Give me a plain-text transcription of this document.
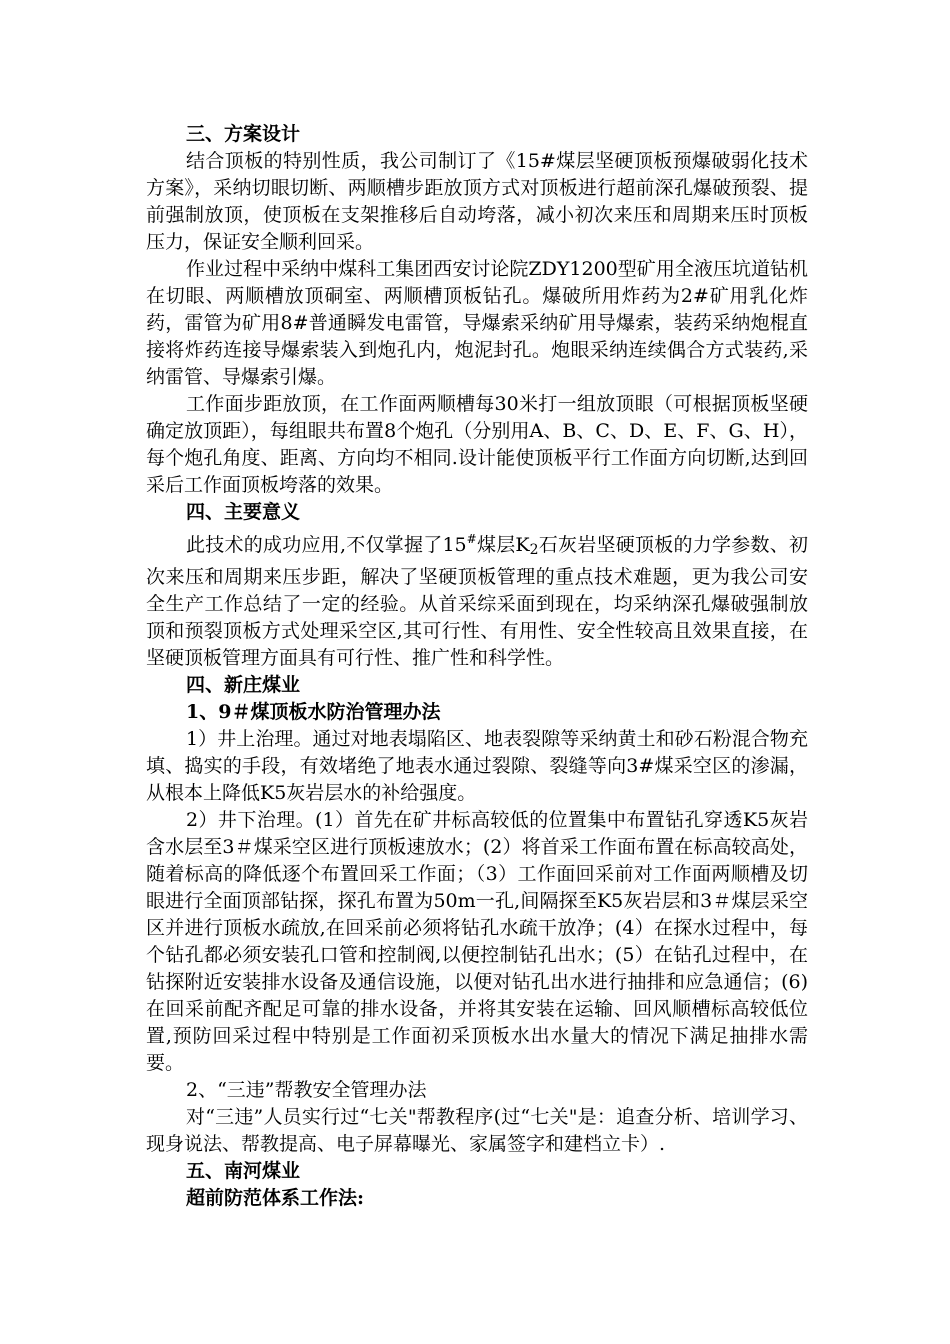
三、方案设计

结合顶板的特别性质，我公司制订了《15#煤层坚硬顶板预爆破弱化技术方案》，采纳切眼切断、两顺槽步距放顶方式对顶板进行超前深孔爆破预裂、提前强制放顶，使顶板在支架推移后自动垮落，减小初次来压和周期来压时顶板压力，保证安全顺利回采。

作业过程中采纳中煤科工集团西安讨论院ZDY1200型矿用全液压坑道钻机在切眼、两顺槽放顶硐室、两顺槽顶板钻孔。爆破所用炸药为2#矿用乳化炸药，雷管为矿用8#普通瞬发电雷管，导爆索采纳矿用导爆索，装药采纳炮棍直接将炸药连接导爆索装入到炮孔内，炮泥封孔。炮眼采纳连续偶合方式装药,采纳雷管、导爆索引爆。

工作面步距放顶，在工作面两顺槽每30米打一组放顶眼（可根据顶板坚硬确定放顶距），每组眼共布置8个炮孔（分别用A、B、C、D、E、F、G、H），每个炮孔角度、距离、方向均不相同.设计能使顶板平行工作面方向切断,达到回采后工作面顶板垮落的效果。

四、主要意义

此技术的成功应用,不仅掌握了15#煤层$K_2$石灰岩坚硬顶板的力学参数、初次来压和周期来压步距，解决了坚硬顶板管理的重点技术难题，更为我公司安全生产工作总结了一定的经验。从首采综采面到现在，均采纳深孔爆破强制放顶和预裂顶板方式处理采空区,其可行性、有用性、安全性较高且效果直接，在坚硬顶板管理方面具有可行性、推广性和科学性。

四、新庄煤业
1、9＃煤顶板水防治管理办法

1）井上治理。通过对地表塌陷区、地表裂隙等采纳黄土和砂石粉混合物充填、捣实的手段，有效堵绝了地表水通过裂隙、裂缝等向3#煤采空区的渗漏，从根本上降低K5灰岩层水的补给强度。

2）井下治理。(1）首先在矿井标高较低的位置集中布置钻孔穿透K5灰岩含水层至3＃煤采空区进行顶板速放水；(2）将首采工作面布置在标高较高处，随着标高的降低逐个布置回采工作面；（3）工作面回采前对工作面两顺槽及切眼进行全面顶部钻探，探孔布置为50m一孔,间隔探至K5灰岩层和3＃煤层采空区并进行顶板水疏放,在回采前必须将钻孔水疏干放净；(4）在探水过程中，每个钻孔都必须安装孔口管和控制阀,以便控制钻孔出水；(5）在钻孔过程中，在钻探附近安装排水设备及通信设施，以便对钻孔出水进行抽排和应急通信；(6)在回采前配齐配足可靠的排水设备，并将其安装在运输、回风顺槽标高较低位置,预防回采过程中特别是工作面初采顶板水出水量大的情况下满足抽排水需要。

2、“三违”帮教安全管理办法

对“三违”人员实行过“七关"帮教程序(过“七关"是：追查分析、培训学习、现身说法、帮教提高、电子屏幕曝光、家属签字和建档立卡）.

五、南河煤业
超前防范体系工作法:
